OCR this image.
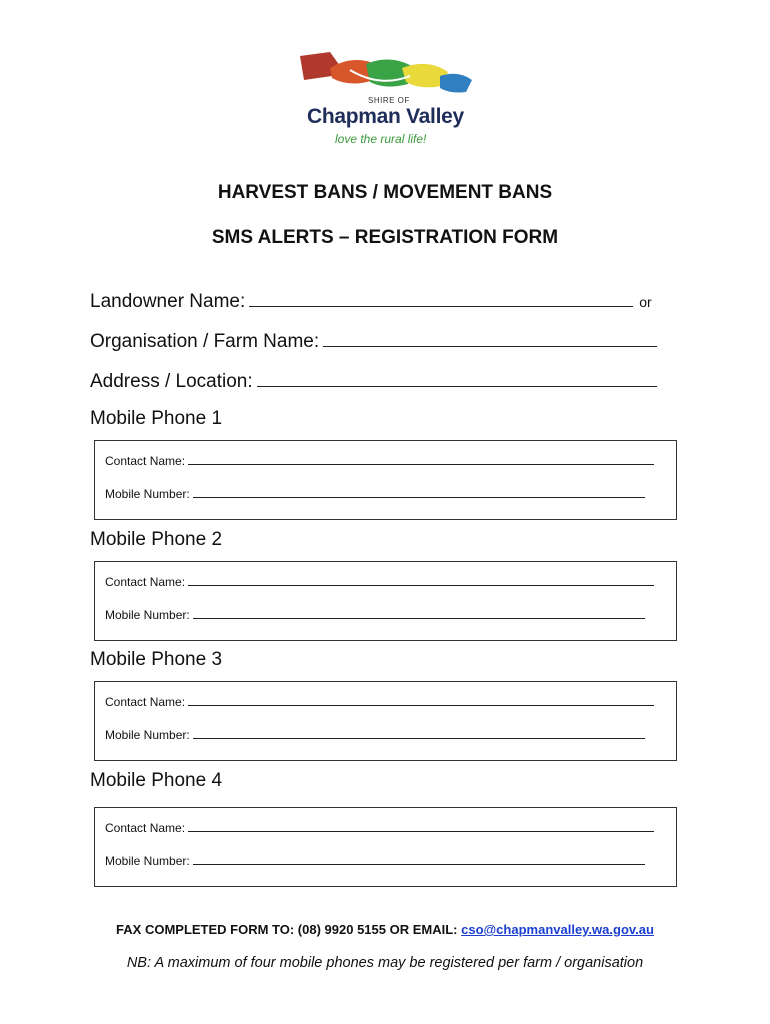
SHIRE OF
Chapman Valley
love the rural life!
HARVEST BANS / MOVEMENT BANS
SMS ALERTS – REGISTRATION FORM
Landowner Name:	or
Organisation / Farm Name:
Address / Location:
Mobile Phone 1
Contact Name:
Mobile Number:
Mobile Phone 2
Contact Name:
Mobile Number:
Mobile Phone 3
Contact Name:
Mobile Number:
Mobile Phone 4
Contact Name:
Mobile Number:
FAX COMPLETED FORM TO: (08) 9920 5155 OR EMAIL: cso@chapmanvalley.wa.gov.au
NB: A maximum of four mobile phones may be registered per farm / organisation
